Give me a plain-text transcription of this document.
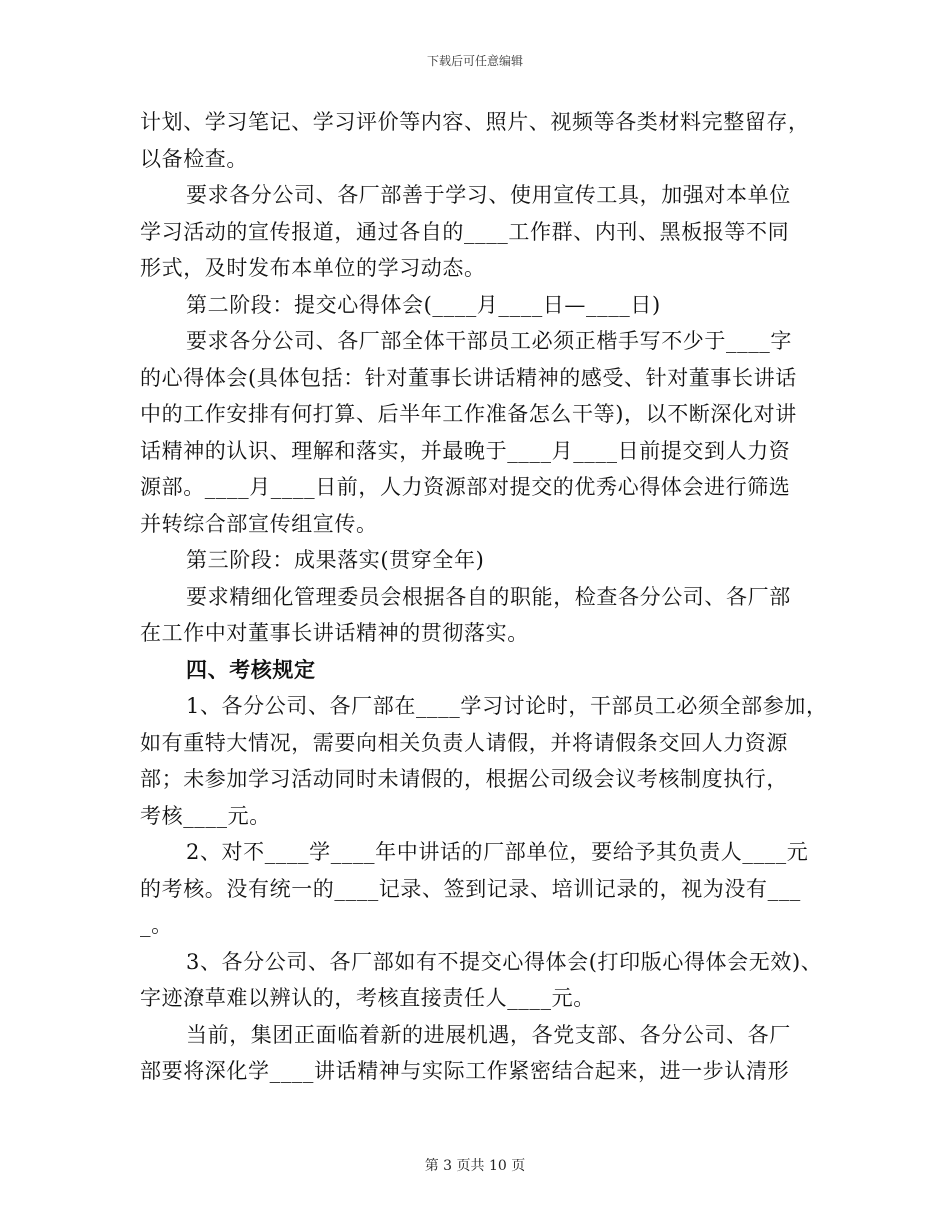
下载后可任意编辑
计划、学习笔记、学习评价等内容、照片、视频等各类材料完整留存，
以备检查。
要求各分公司、各厂部善于学习、使用宣传工具，加强对本单位
学习活动的宣传报道，通过各自的____工作群、内刊、黑板报等不同
形式，及时发布本单位的学习动态。
第二阶段：提交心得体会(____月____日—____日)
要求各分公司、各厂部全体干部员工必须正楷手写不少于____字
的心得体会(具体包括：针对董事长讲话精神的感受、针对董事长讲话
中的工作安排有何打算、后半年工作准备怎么干等)，以不断深化对讲
话精神的认识、理解和落实，并最晚于____月____日前提交到人力资
源部。____月____日前，人力资源部对提交的优秀心得体会进行筛选
并转综合部宣传组宣传。
第三阶段：成果落实(贯穿全年)
要求精细化管理委员会根据各自的职能，检查各分公司、各厂部
在工作中对董事长讲话精神的贯彻落实。
四、考核规定
1、各分公司、各厂部在____学习讨论时，干部员工必须全部参加，
如有重特大情况，需要向相关负责人请假，并将请假条交回人力资源
部；未参加学习活动同时未请假的，根据公司级会议考核制度执行，
考核____元。
2、对不____学____年中讲话的厂部单位，要给予其负责人____元
的考核。没有统一的____记录、签到记录、培训记录的，视为没有___
_。
3、各分公司、各厂部如有不提交心得体会(打印版心得体会无效)、
字迹潦草难以辨认的，考核直接责任人____元。
当前，集团正面临着新的进展机遇，各党支部、各分公司、各厂
部要将深化学____讲话精神与实际工作紧密结合起来，进一步认清形
第 3 页共 10 页
